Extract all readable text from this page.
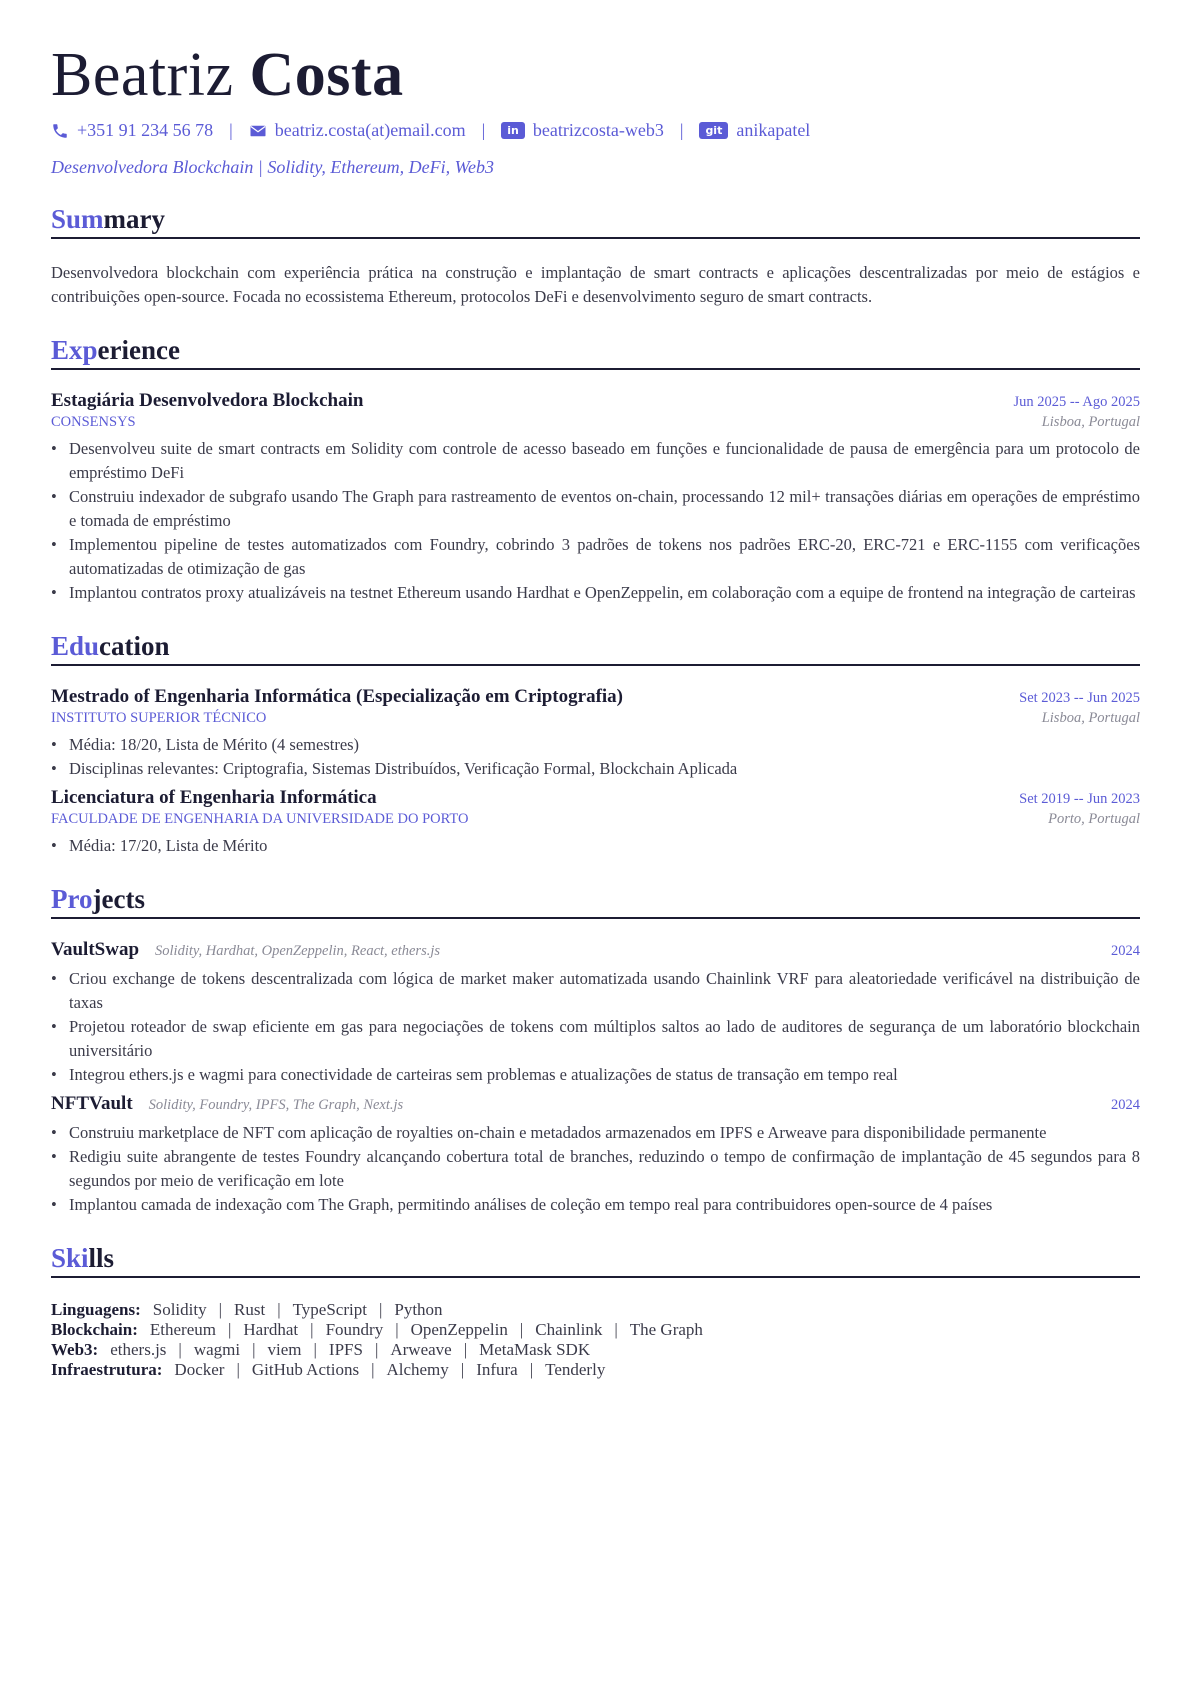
Beatriz Costa
+351 91 234 56 78 | beatriz.costa(at)email.com |	in beatrizcosta-web3 |	git anikapatel
Desenvolvedora Blockchain | Solidity, Ethereum, DeFi, Web3
Summary
Desenvolvedora blockchain com experiência prática na construção e implantação de smart contracts e aplicações descentralizadas por meio de estágios e contribuições open-source. Focada no ecossistema Ethereum, protocolos DeFi e desenvolvimento seguro de smart contracts.
Experience
Estagiária Desenvolvedora Blockchain	Jun 2025 -- Ago 2025
CONSENSYS	Lisboa, Portugal
• Desenvolveu suite de smart contracts em Solidity com controle de acesso baseado em funções e funcionalidade de pausa de emergência para um protocolo de empréstimo DeFi
• Construiu indexador de subgrafo usando The Graph para rastreamento de eventos on-chain, processando 12 mil+ transações diárias em operações de empréstimo e tomada de empréstimo
• Implementou pipeline de testes automatizados com Foundry, cobrindo 3 padrões de tokens nos padrões ERC-20, ERC-721 e ERC-1155 com verificações automatizadas de otimização de gas
• Implantou contratos proxy atualizáveis na testnet Ethereum usando Hardhat e OpenZeppelin, em colaboração com a equipe de frontend na integração de carteiras
Education
Mestrado of Engenharia Informática (Especialização em Criptografia)	Set 2023 -- Jun 2025
INSTITUTO SUPERIOR TÉCNICO	Lisboa, Portugal
• Média: 18/20, Lista de Mérito (4 semestres)
• Disciplinas relevantes: Criptografia, Sistemas Distribuídos, Verificação Formal, Blockchain Aplicada
Licenciatura of Engenharia Informática	Set 2019 -- Jun 2023
FACULDADE DE ENGENHARIA DA UNIVERSIDADE DO PORTO	Porto, Portugal
• Média: 17/20, Lista de Mérito
Projects
VaultSwap Solidity, Hardhat, OpenZeppelin, React, ethers.js	2024
• Criou exchange de tokens descentralizada com lógica de market maker automatizada usando Chainlink VRF para aleatoriedade verificável na distribuição de taxas
• Projetou roteador de swap eficiente em gas para negociações de tokens com múltiplos saltos ao lado de auditores de segurança de um laboratório blockchain universitário
• Integrou ethers.js e wagmi para conectividade de carteiras sem problemas e atualizações de status de transação em tempo real
NFTVault Solidity, Foundry, IPFS, The Graph, Next.js	2024
• Construiu marketplace de NFT com aplicação de royalties on-chain e metadados armazenados em IPFS e Arweave para disponibilidade permanente
• Redigiu suite abrangente de testes Foundry alcançando cobertura total de branches, reduzindo o tempo de confirmação de implantação de 45 segundos para 8 segundos por meio de verificação em lote
• Implantou camada de indexação com The Graph, permitindo análises de coleção em tempo real para contribuidores open-source de 4 países
Skills
Linguagens: Solidity | Rust | TypeScript | Python
Blockchain: Ethereum | Hardhat | Foundry | OpenZeppelin | Chainlink | The Graph
Web3: ethers.js | wagmi | viem | IPFS | Arweave | MetaMask SDK
Infraestrutura: Docker | GitHub Actions | Alchemy | Infura | Tenderly
